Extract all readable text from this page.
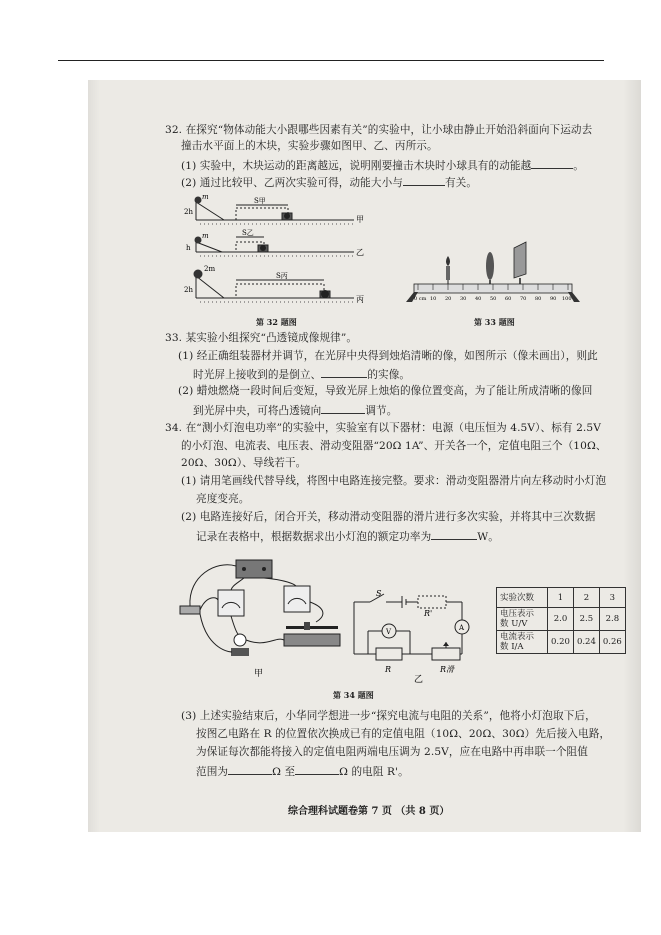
32. 在探究“物体动能大小跟哪些因素有关”的实验中，让小球由静止开始沿斜面向下运动去
撞击水平面上的木块，实验步骤如图甲、乙、丙所示。
(1) 实验中，木块运动的距离越远，说明刚要撞击木块时小球具有的动能越	。
(2) 通过比较甲、乙两次实验可得，动能大小与	有关。
m
2h
S甲
甲
m
h
S乙
乙
2m
2h
S丙
丙
第 32 题图
0 cm 10 20 30 40 50 60 70 80 90 100
第 33 题图
33. 某实验小组探究“凸透镜成像规律”。
(1) 经正确组装器材并调节，在光屏中央得到烛焰清晰的像，如图所示（像未画出），则此
时光屏上接收到的是倒立、	的实像。
(2) 蜡烛燃烧一段时间后变短，导致光屏上烛焰的像位置变高，为了能让所成清晰的像回
到光屏中央，可将凸透镜向	调节。
34. 在“测小灯泡电功率”的实验中，实验室有以下器材：电源（电压恒为 4.5V）、标有 2.5V
的小灯泡、电流表、电压表、滑动变阻器“20Ω 1A”、开关各一个，定值电阻三个（10Ω、
20Ω、30Ω）、导线若干。
(1) 请用笔画线代替导线，将图中电路连接完整。要求：滑动变阻器滑片向左移动时小灯泡
亮度变亮。
(2) 电路连接好后，闭合开关，移动滑动变阻器的滑片进行多次实验，并将其中三次数据
记录在表格中，根据数据求出小灯泡的额定功率为	W。
甲
S
R'
V	A
R	R滑
乙
实验次数	1	2	3
电压表示
数 U/V	2.0	2.5	2.8
电流表示
数 I/A	0.20	0.24	0.26
第 34 题图
(3) 上述实验结束后，小华同学想进一步“探究电流与电阻的关系”，他将小灯泡取下后，
按图乙电路在 R 的位置依次换成已有的定值电阻（10Ω、20Ω、30Ω）先后接入电路，
为保证每次都能将接入的定值电阻两端电压调为 2.5V，应在电路中再串联一个阻值
范围为	Ω 至	Ω 的电阻 R'。
综合理科试题卷第 7 页 （共 8 页）
